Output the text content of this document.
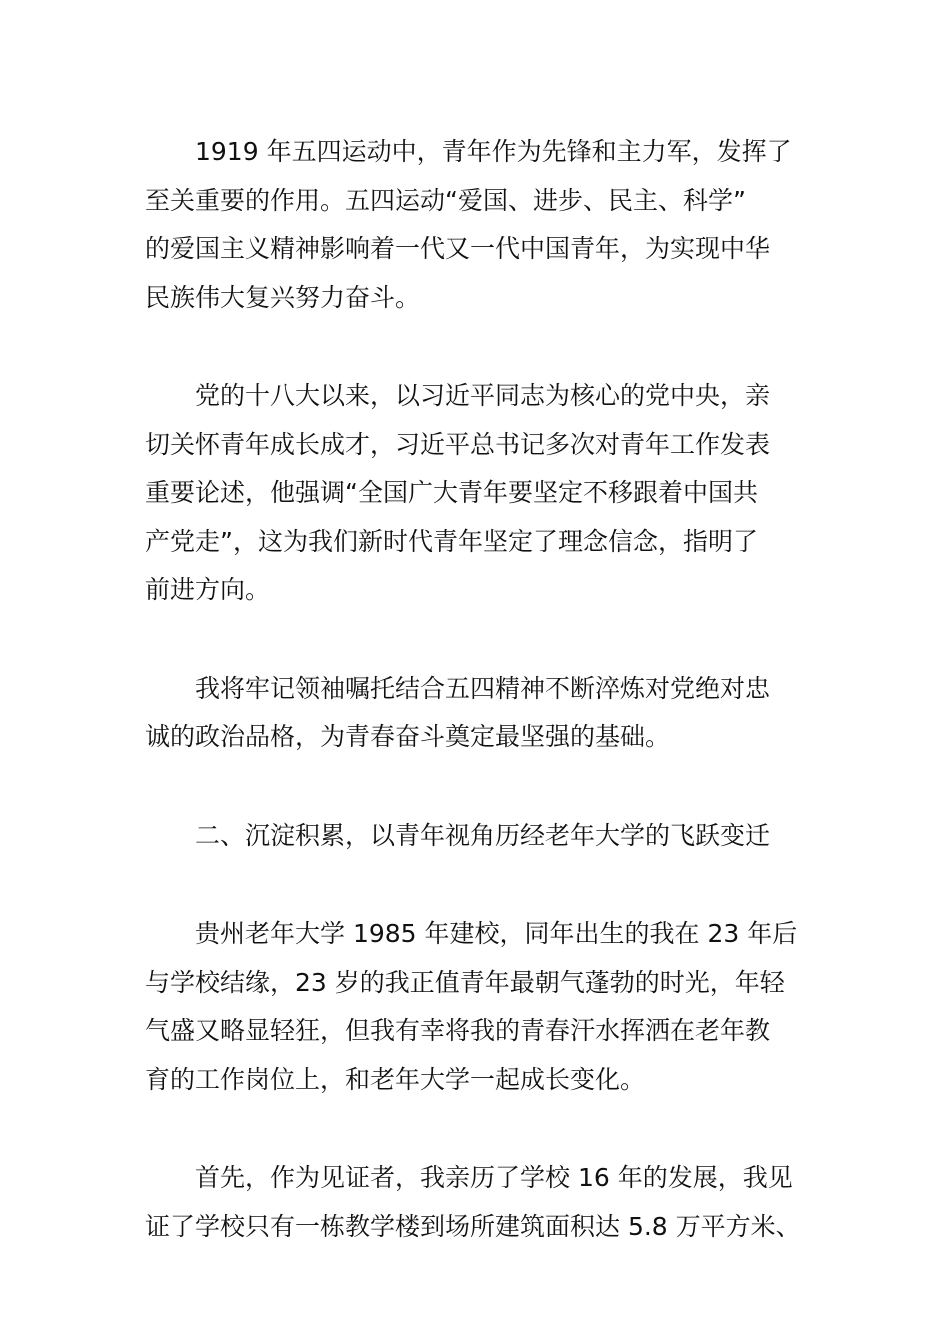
1919 年五四运动中，青年作为先锋和主力军，发挥了
至关重要的作用。五四运动“爱国、进步、民主、科学”
的爱国主义精神影响着一代又一代中国青年，为实现中华
民族伟大复兴努力奋斗。
党的十八大以来，以习近平同志为核心的党中央，亲
切关怀青年成长成才，习近平总书记多次对青年工作发表
重要论述，他强调“全国广大青年要坚定不移跟着中国共
产党走”，这为我们新时代青年坚定了理念信念，指明了
前进方向。
我将牢记领袖嘱托结合五四精神不断淬炼对党绝对忠
诚的政治品格，为青春奋斗奠定最坚强的基础。
二、沉淀积累，以青年视角历经老年大学的飞跃变迁
贵州老年大学 1985 年建校，同年出生的我在 23 年后
与学校结缘，23 岁的我正值青年最朝气蓬勃的时光，年轻
气盛又略显轻狂，但我有幸将我的青春汗水挥洒在老年教
育的工作岗位上，和老年大学一起成长变化。
首先，作为见证者，我亲历了学校 16 年的发展，我见
证了学校只有一栋教学楼到场所建筑面积达 5.8 万平方米、
